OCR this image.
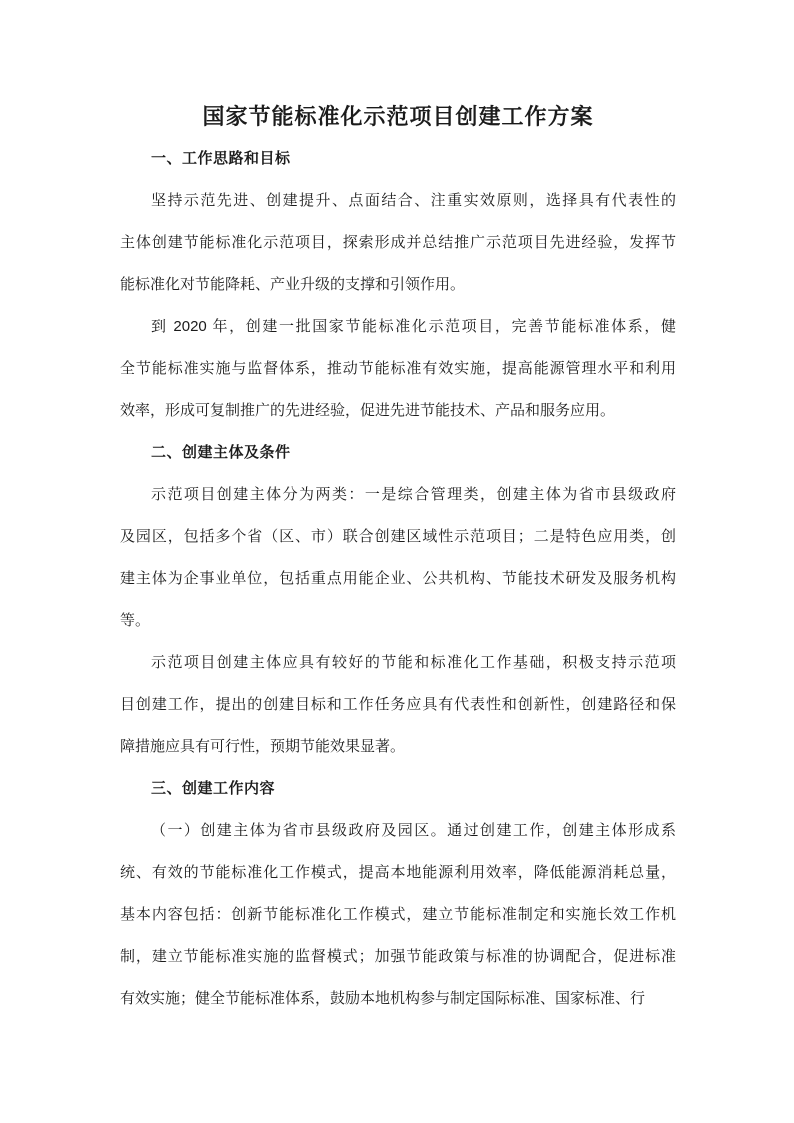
国家节能标准化示范项目创建工作方案
一、工作思路和目标
坚持示范先进、创建提升、点面结合、注重实效原则，选择具有代表性的
主体创建节能标准化示范项目，探索形成并总结推广示范项目先进经验，发挥节
能标准化对节能降耗、产业升级的支撑和引领作用。
到 2020 年，创建一批国家节能标准化示范项目，完善节能标准体系，健
全节能标准实施与监督体系，推动节能标准有效实施，提高能源管理水平和利用
效率，形成可复制推广的先进经验，促进先进节能技术、产品和服务应用。
二、创建主体及条件
示范项目创建主体分为两类：一是综合管理类，创建主体为省市县级政府
及园区，包括多个省（区、市）联合创建区域性示范项目；二是特色应用类，创
建主体为企事业单位，包括重点用能企业、公共机构、节能技术研发及服务机构
等。
示范项目创建主体应具有较好的节能和标准化工作基础，积极支持示范项
目创建工作，提出的创建目标和工作任务应具有代表性和创新性，创建路径和保
障措施应具有可行性，预期节能效果显著。
三、创建工作内容
（一）创建主体为省市县级政府及园区。通过创建工作，创建主体形成系
统、有效的节能标准化工作模式，提高本地能源利用效率，降低能源消耗总量，
基本内容包括：创新节能标准化工作模式，建立节能标准制定和实施长效工作机
制，建立节能标准实施的监督模式；加强节能政策与标准的协调配合，促进标准
有效实施；健全节能标准体系，鼓励本地机构参与制定国际标准、国家标准、行
